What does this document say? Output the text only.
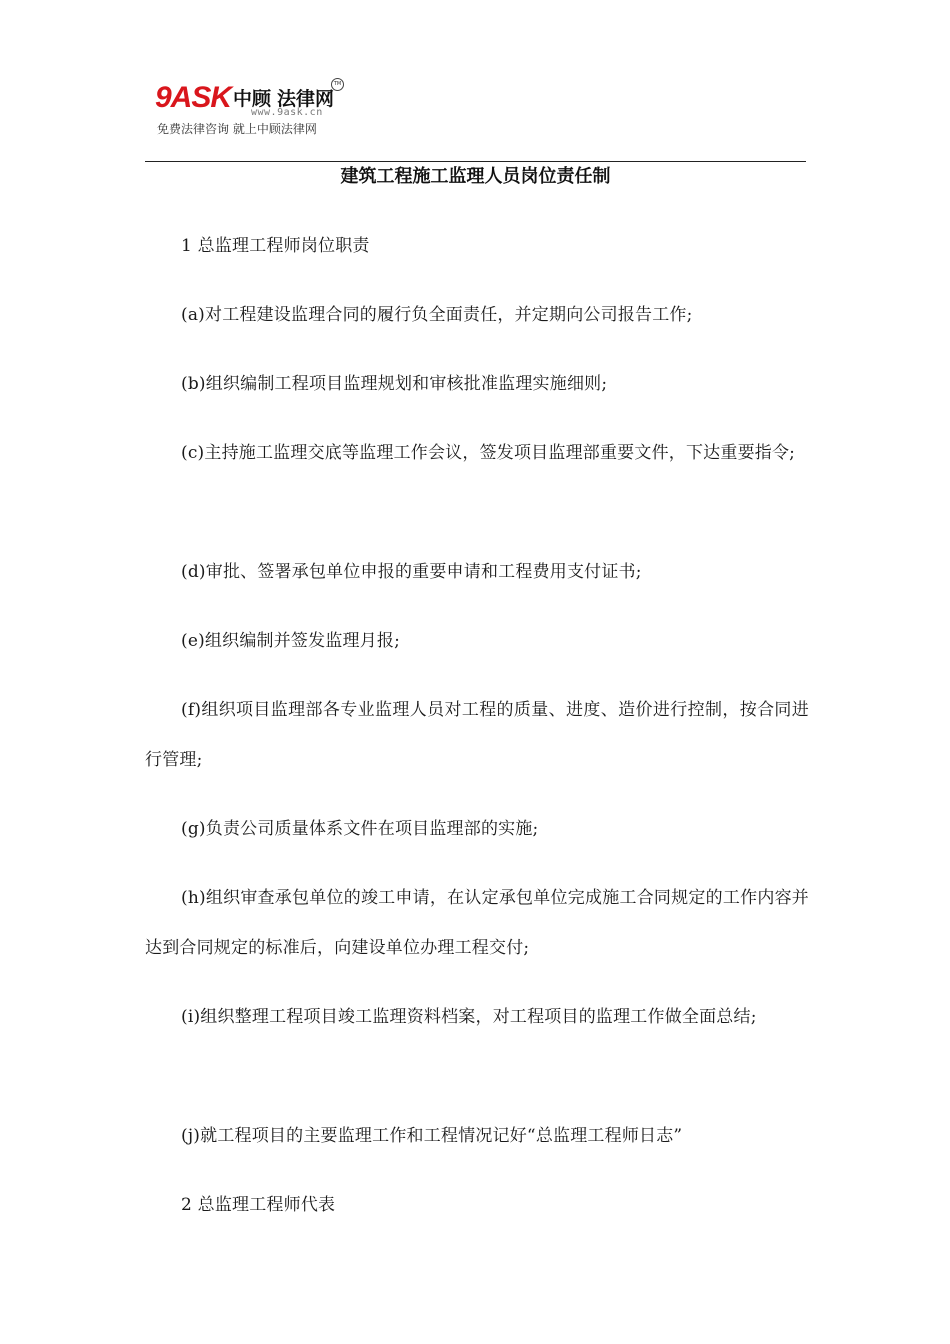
9ASK 中顾 法律网
TM
www.9ask.cn
免费法律咨询 就上中顾法律网
建筑工程施工监理人员岗位责任制

1 总监理工程师岗位职责

(a)对工程建设监理合同的履行负全面责任，并定期向公司报告工作;

(b)组织编制工程项目监理规划和审核批准监理实施细则;

(c)主持施工监理交底等监理工作会议，签发项目监理部重要文件，下达重要指令;

(d)审批、签署承包单位申报的重要申请和工程费用支付证书;

(e)组织编制并签发监理月报;

(f)组织项目监理部各专业监理人员对工程的质量、进度、造价进行控制，按合同进行管理;

(g)负责公司质量体系文件在项目监理部的实施;

(h)组织审查承包单位的竣工申请，在认定承包单位完成施工合同规定的工作内容并达到合同规定的标准后，向建设单位办理工程交付;

(i)组织整理工程项目竣工监理资料档案，对工程项目的监理工作做全面总结;

(j)就工程项目的主要监理工作和工程情况记好“总监理工程师日志”

2 总监理工程师代表
